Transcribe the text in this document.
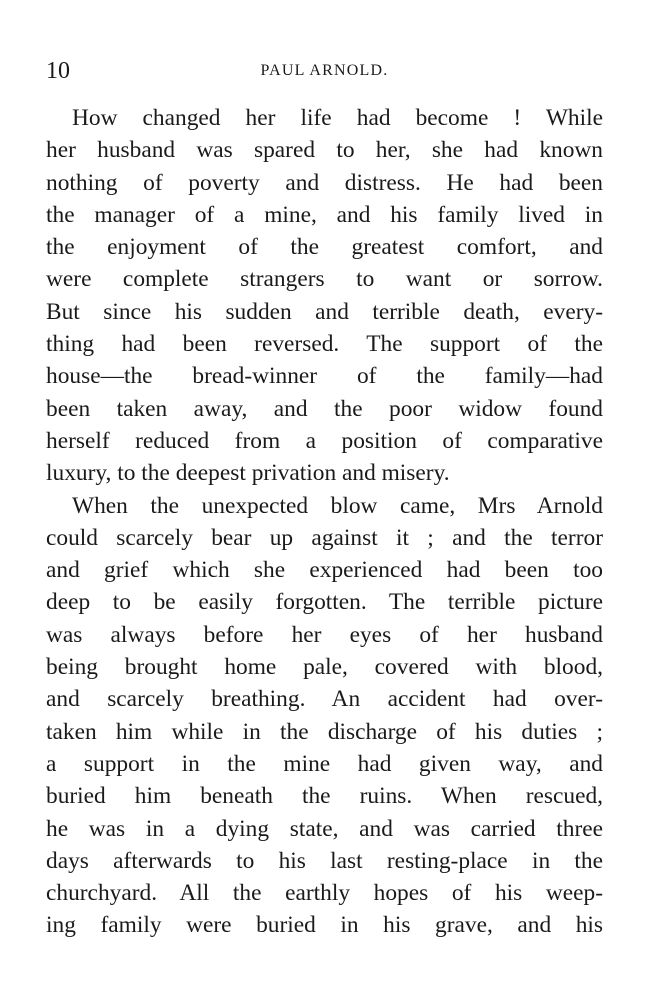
10	PAUL ARNOLD.
How changed her life had become ! While
her husband was spared to her, she had known
nothing of poverty and distress. He had been
the manager of a mine, and his family lived in
the enjoyment of the greatest comfort, and
were complete strangers to want or sorrow.
But since his sudden and terrible death, every-
thing had been reversed. The support of the
house—the bread-winner of the family—had
been taken away, and the poor widow found
herself reduced from a position of comparative
luxury, to the deepest privation and misery.
When the unexpected blow came, Mrs Arnold
could scarcely bear up against it ; and the terror
and grief which she experienced had been too
deep to be easily forgotten. The terrible picture
was always before her eyes of her husband
being brought home pale, covered with blood,
and scarcely breathing. An accident had over-
taken him while in the discharge of his duties ;
a support in the mine had given way, and
buried him beneath the ruins. When rescued,
he was in a dying state, and was carried three
days afterwards to his last resting-place in the
churchyard. All the earthly hopes of his weep-
ing family were buried in his grave, and his
